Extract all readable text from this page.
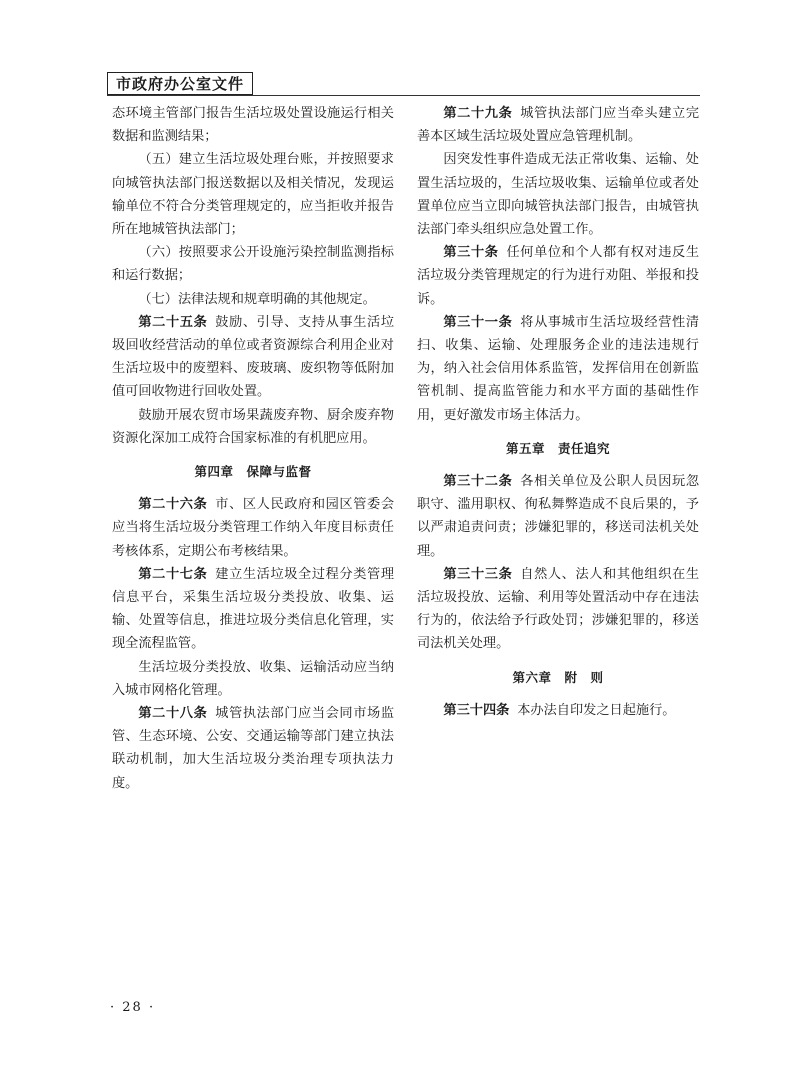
市政府办公室文件

态环境主管部门报告生活垃圾处置设施运行相关数据和监测结果；

（五）建立生活垃圾处理台账，并按照要求向城管执法部门报送数据以及相关情况，发现运输单位不符合分类管理规定的，应当拒收并报告所在地城管执法部门；

（六）按照要求公开设施污染控制监测指标和运行数据；

（七）法律法规和规章明确的其他规定。

第二十五条 鼓励、引导、支持从事生活垃圾回收经营活动的单位或者资源综合利用企业对生活垃圾中的废塑料、废玻璃、废织物等低附加值可回收物进行回收处置。

鼓励开展农贸市场果蔬废弃物、厨余废弃物资源化深加工成符合国家标准的有机肥应用。

第四章　保障与监督

第二十六条 市、区人民政府和园区管委会应当将生活垃圾分类管理工作纳入年度目标责任考核体系，定期公布考核结果。

第二十七条 建立生活垃圾全过程分类管理信息平台，采集生活垃圾分类投放、收集、运输、处置等信息，推进垃圾分类信息化管理，实现全流程监管。

生活垃圾分类投放、收集、运输活动应当纳入城市网格化管理。

第二十八条 城管执法部门应当会同市场监管、生态环境、公安、交通运输等部门建立执法联动机制，加大生活垃圾分类治理专项执法力度。

第二十九条 城管执法部门应当牵头建立完善本区域生活垃圾处置应急管理机制。

因突发性事件造成无法正常收集、运输、处置生活垃圾的，生活垃圾收集、运输单位或者处置单位应当立即向城管执法部门报告，由城管执法部门牵头组织应急处置工作。

第三十条 任何单位和个人都有权对违反生活垃圾分类管理规定的行为进行劝阻、举报和投诉。

第三十一条 将从事城市生活垃圾经营性清扫、收集、运输、处理服务企业的违法违规行为，纳入社会信用体系监管，发挥信用在创新监管机制、提高监管能力和水平方面的基础性作用，更好激发市场主体活力。

第五章　责任追究

第三十二条 各相关单位及公职人员因玩忽职守、滥用职权、徇私舞弊造成不良后果的，予以严肃追责问责；涉嫌犯罪的，移送司法机关处理。

第三十三条 自然人、法人和其他组织在生活垃圾投放、运输、利用等处置活动中存在违法行为的，依法给予行政处罚；涉嫌犯罪的，移送司法机关处理。

第六章　附　则

第三十四条 本办法自印发之日起施行。

· 28 ·
